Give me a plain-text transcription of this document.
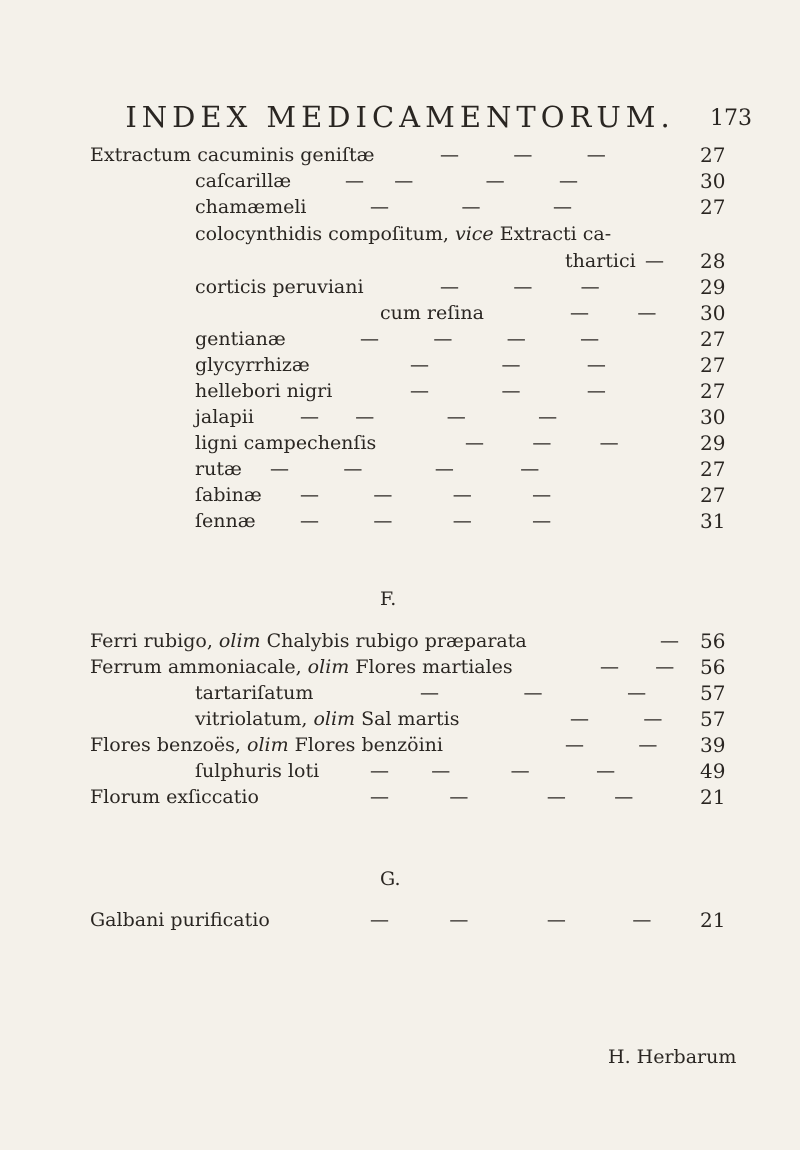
INDEX MEDICAMENTORUM. 173
Extractum cacuminis geniſtæ	—         —         —	27
caſcarillæ	—     —            —         —	30
chamæmeli	—            —            —	27
colocynthidis compoſitum, vice Extracti ca-
thartici — 28
corticis peruviani	—         —        —	29
cum reſina	—        — 30
gentianæ	—         —         —         —	27
glycyrrhizæ	—            —           —	27
hellebori nigri	—            —           —	27
jalapii —      —            —            —	30
ligni campechenſis	—        —        —	29
rutæ —         —            —           —	27
ſabinæ —         —          —          —	27
ſennæ —         —          —          —	31
F.
Ferri rubigo, olim Chalybis rubigo præparata	— 56
Ferrum ammoniacale, olim Flores martiales	—      — 56
tartariſatum	—              —              —	57
vitriolatum, olim Sal martis	—         — 57
Flores benzoës, olim Flores benzöini	—         — 39
ſulphuris loti	—       —          —           —	49
Florum exſiccatio	—          —             —        —	21
G.
Galbani purificatio	—          —             —           — 21
H. Herbarum
